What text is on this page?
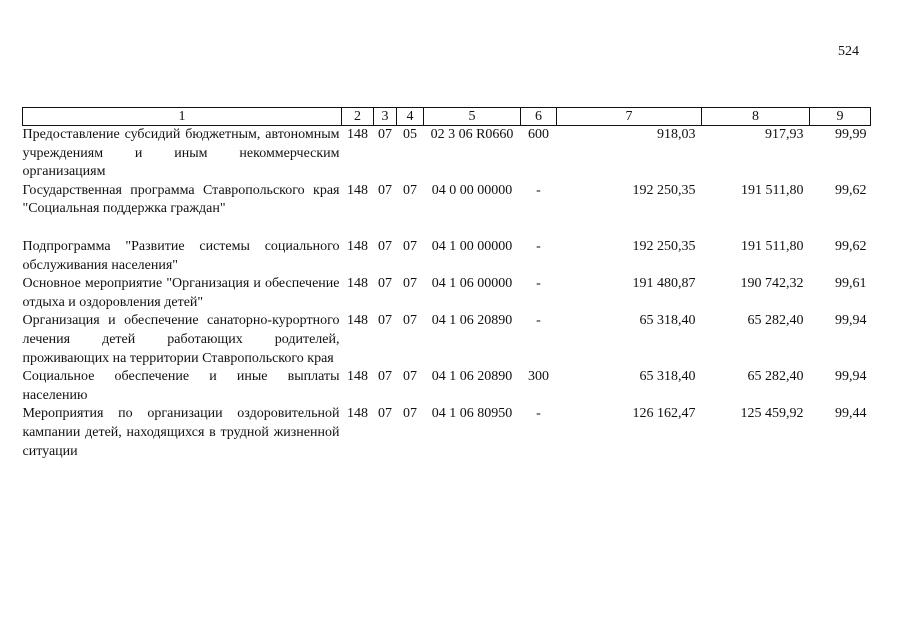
524
1	2	3	4	5	6	7	8	9
Предоставление субсидий бюджетным, автономным учреждениям и иным некоммерческим организациям	148	07	05	02 3 06 R0660	600	918,03	917,93	99,99
Государственная программа Ставропольского края "Социальная поддержка граждан"	148	07	07	04 0 00 00000	-	192 250,35	191 511,80	99,62

Подпрограмма "Развитие системы социального обслуживания населения"	148	07	07	04 1 00 00000	-	192 250,35	191 511,80	99,62
Основное мероприятие "Организация и обеспечение отдыха и оздоровления детей"	148	07	07	04 1 06 00000	-	191 480,87	190 742,32	99,61
Организация и обеспечение санаторно-курортного лечения детей работающих родителей, проживающих на территории Ставропольского края	148	07	07	04 1 06 20890	-	65 318,40	65 282,40	99,94
Социальное обеспечение и иные выплаты населению	148	07	07	04 1 06 20890	300	65 318,40	65 282,40	99,94
Мероприятия по организации оздоровительной кампании детей, находящихся в трудной жизненной ситуации	148	07	07	04 1 06 80950	-	126 162,47	125 459,92	99,44
